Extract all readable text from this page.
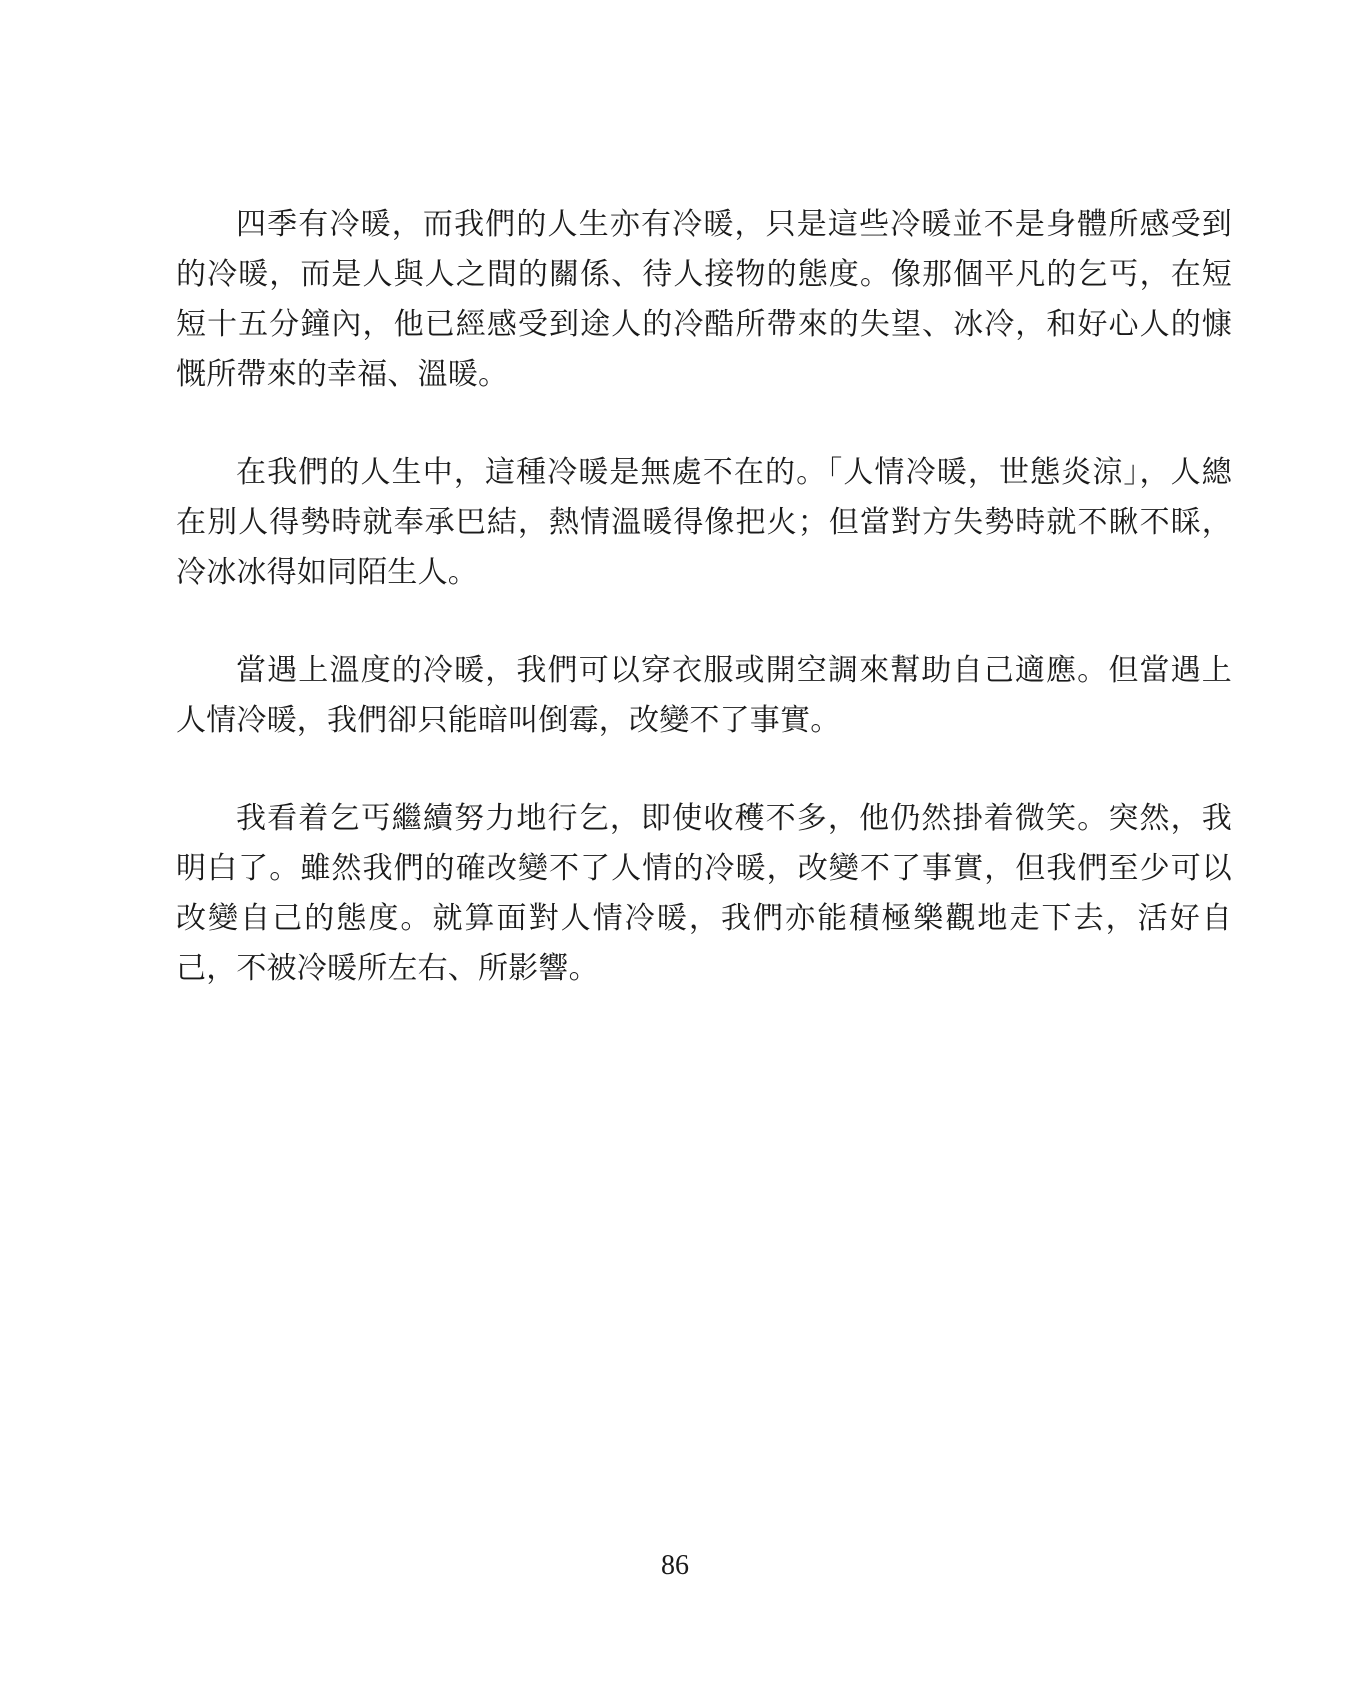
四季有冷暖，而我們的人生亦有冷暖，只是這些冷暖並不是身體所感受到的冷暖，而是人與人之間的關係、待人接物的態度。像那個平凡的乞丐，在短短十五分鐘內，他已經感受到途人的冷酷所帶來的失望、冰冷，和好心人的慷慨所帶來的幸福、溫暖。

在我們的人生中，這種冷暖是無處不在的。「人情冷暖，世態炎涼」，人總在別人得勢時就奉承巴結，熱情溫暖得像把火；但當對方失勢時就不瞅不睬，冷冰冰得如同陌生人。

當遇上溫度的冷暖，我們可以穿衣服或開空調來幫助自己適應。但當遇上人情冷暖，我們卻只能暗叫倒霉，改變不了事實。

我看着乞丐繼續努力地行乞，即使收穫不多，他仍然掛着微笑。突然，我明白了。雖然我們的確改變不了人情的冷暖，改變不了事實，但我們至少可以改變自己的態度。就算面對人情冷暖，我們亦能積極樂觀地走下去，活好自己，不被冷暖所左右、所影響。

86
